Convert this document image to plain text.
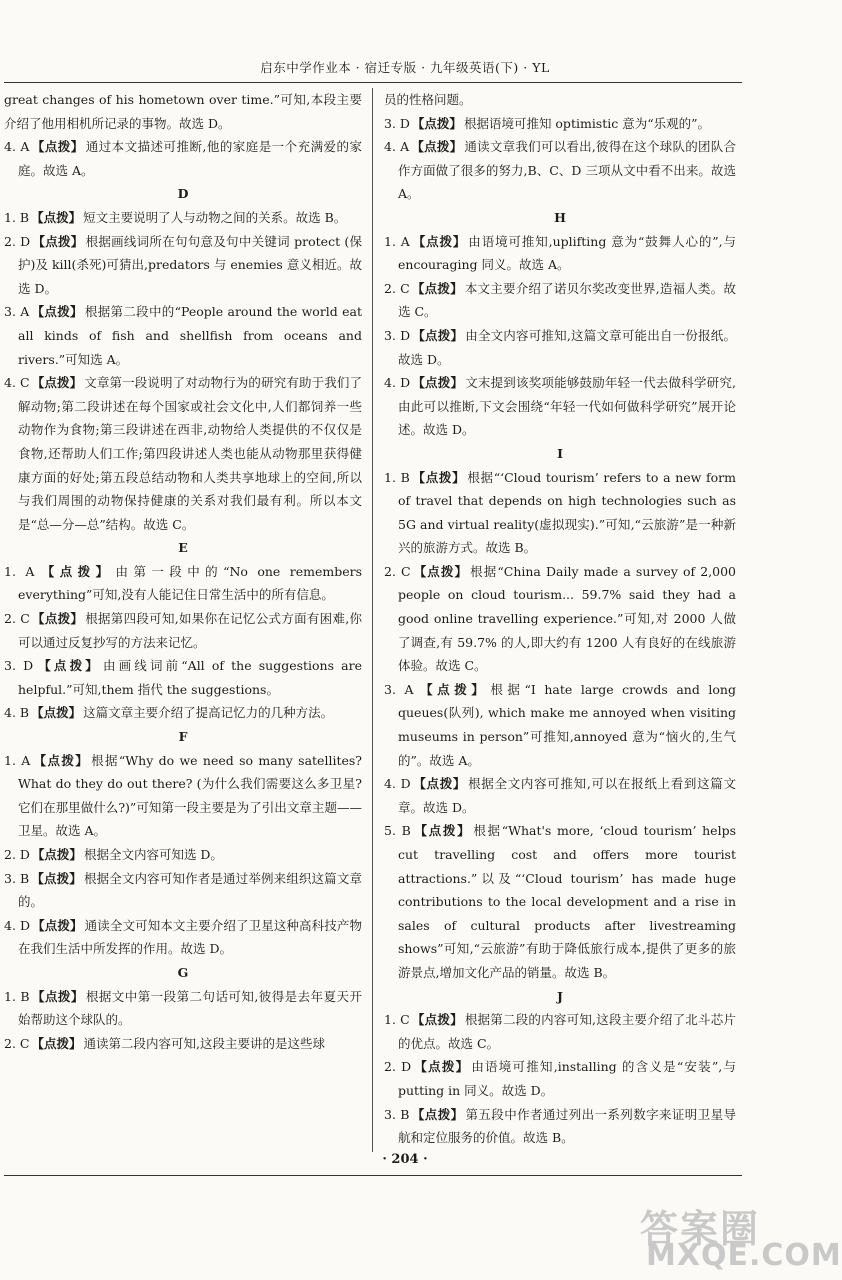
启东中学作业本 · 宿迁专版 · 九年级英语(下) · YL
great changes of his hometown over time.”可知,本段主要介绍了他用相机所记录的事物。故选 D。
4. A 【点拨】 通过本文描述可推断,他的家庭是一个充满爱的家庭。故选 A。
D
1. B 【点拨】 短文主要说明了人与动物之间的关系。故选 B。
2. D 【点拨】 根据画线词所在句句意及句中关键词 protect (保护)及 kill(杀死)可猜出,predators 与 enemies 意义相近。故选 D。
3. A 【点拨】 根据第二段中的“People around the world eat all kinds of fish and shellfish from oceans and rivers.”可知选 A。
4. C 【点拨】 文章第一段说明了对动物行为的研究有助于我们了解动物;第二段讲述在每个国家或社会文化中,人们都饲养一些动物作为食物;第三段讲述在西非,动物给人类提供的不仅仅是食物,还帮助人们工作;第四段讲述人类也能从动物那里获得健康方面的好处;第五段总结动物和人类共享地球上的空间,所以与我们周围的动物保持健康的关系对我们最有利。所以本文是“总—分—总”结构。故选 C。
E
1. A 【点拨】 由第一段中的“No one remembers everything”可知,没有人能记住日常生活中的所有信息。
2. C 【点拨】 根据第四段可知,如果你在记忆公式方面有困难,你可以通过反复抄写的方法来记忆。
3. D 【点拨】 由画线词前“All of the suggestions are helpful.”可知,them 指代 the suggestions。
4. B 【点拨】 这篇文章主要介绍了提高记忆力的几种方法。
F
1. A 【点拨】 根据“Why do we need so many satellites? What do they do out there? (为什么我们需要这么多卫星?它们在那里做什么?)”可知第一段主要是为了引出文章主题——卫星。故选 A。
2. D 【点拨】 根据全文内容可知选 D。
3. B 【点拨】 根据全文内容可知作者是通过举例来组织这篇文章的。
4. D 【点拨】 通读全文可知本文主要介绍了卫星这种高科技产物在我们生活中所发挥的作用。故选 D。
G
1. B 【点拨】 根据文中第一段第二句话可知,彼得是去年夏天开始帮助这个球队的。
2. C 【点拨】 通读第二段内容可知,这段主要讲的是这些球
员的性格问题。
3. D 【点拨】 根据语境可推知 optimistic 意为“乐观的”。
4. A 【点拨】 通读文章我们可以看出,彼得在这个球队的团队合作方面做了很多的努力,B、C、D 三项从文中看不出来。故选 A。
H
1. A 【点拨】 由语境可推知,uplifting 意为“鼓舞人心的”,与 encouraging 同义。故选 A。
2. C 【点拨】 本文主要介绍了诺贝尔奖改变世界,造福人类。故选 C。
3. D 【点拨】 由全文内容可推知,这篇文章可能出自一份报纸。故选 D。
4. D 【点拨】 文末提到该奖项能够鼓励年轻一代去做科学研究,由此可以推断,下文会围绕“年轻一代如何做科学研究”展开论述。故选 D。
I
1. B 【点拨】 根据“‘Cloud tourism’ refers to a new form of travel that depends on high technologies such as 5G and virtual reality(虚拟现实).”可知,“云旅游”是一种新兴的旅游方式。故选 B。
2. C 【点拨】 根据“China Daily made a survey of 2,000 people on cloud tourism... 59.7% said they had a good online travelling experience.”可知,对 2000 人做了调查,有 59.7% 的人,即大约有 1200 人有良好的在线旅游体验。故选 C。
3. A 【点拨】 根据“I hate large crowds and long queues(队列), which make me annoyed when visiting museums in person”可推知,annoyed 意为“恼火的,生气的”。故选 A。
4. D 【点拨】 根据全文内容可推知,可以在报纸上看到这篇文章。故选 D。
5. B 【点拨】 根据“What's more, ‘cloud tourism’ helps cut travelling cost and offers more tourist attractions.”以及“‘Cloud tourism’ has made huge contributions to the local development and a rise in sales of cultural products after livestreaming shows”可知,“云旅游”有助于降低旅行成本,提供了更多的旅游景点,增加文化产品的销量。故选 B。
J
1. C 【点拨】 根据第二段的内容可知,这段主要介绍了北斗芯片的优点。故选 C。
2. D 【点拨】 由语境可推知,installing 的含义是“安装”,与 putting in 同义。故选 D。
3. B 【点拨】 第五段中作者通过列出一系列数字来证明卫星导航和定位服务的价值。故选 B。
· 204 ·
答案圈
MXQE.COM
